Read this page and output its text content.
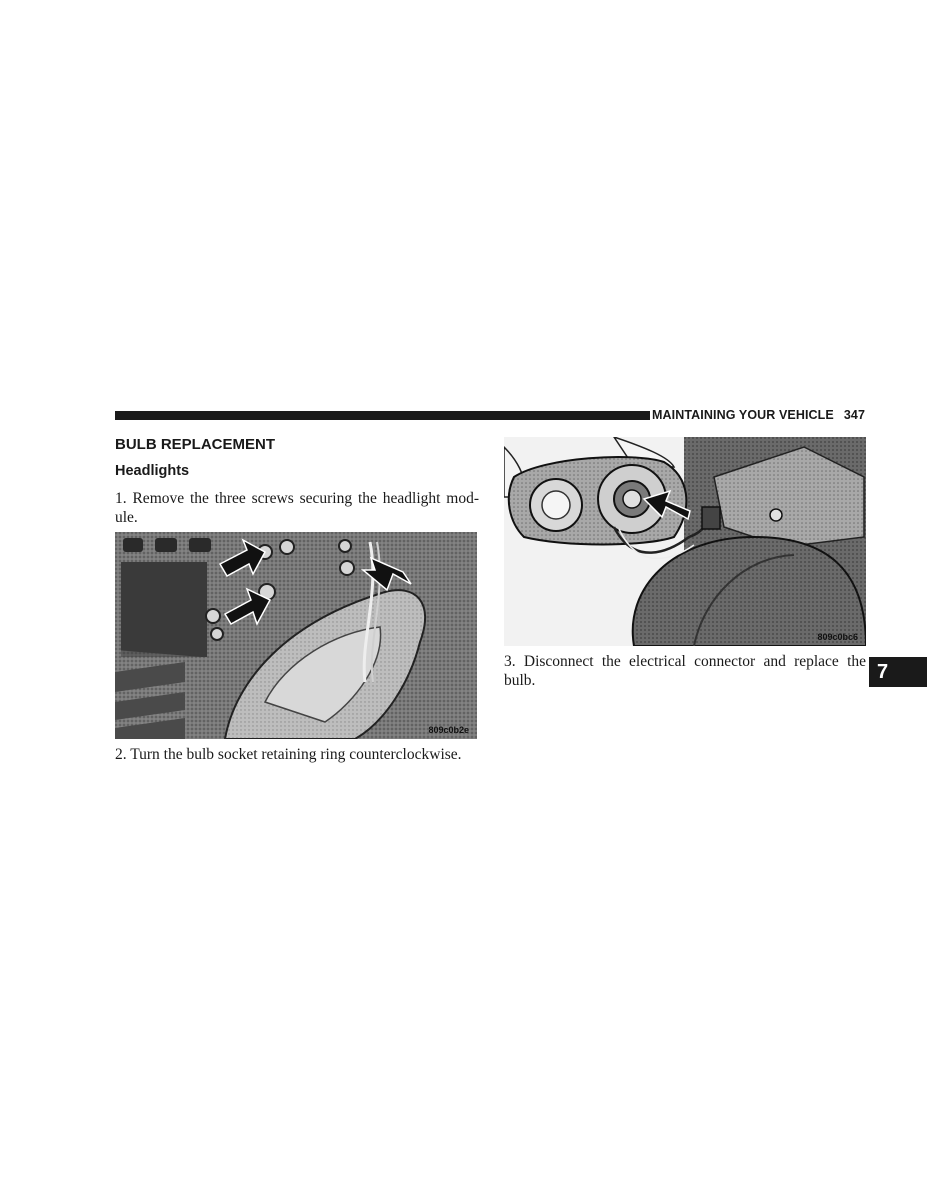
MAINTAINING YOUR VEHICLE 347
BULB REPLACEMENT
Headlights

1. Remove the three screws securing the headlight mod-ule.

809c0b2e

2. Turn the bulb socket retaining ring counterclockwise.

809c0bc6

3. Disconnect the electrical connector and replace the bulb.	7
